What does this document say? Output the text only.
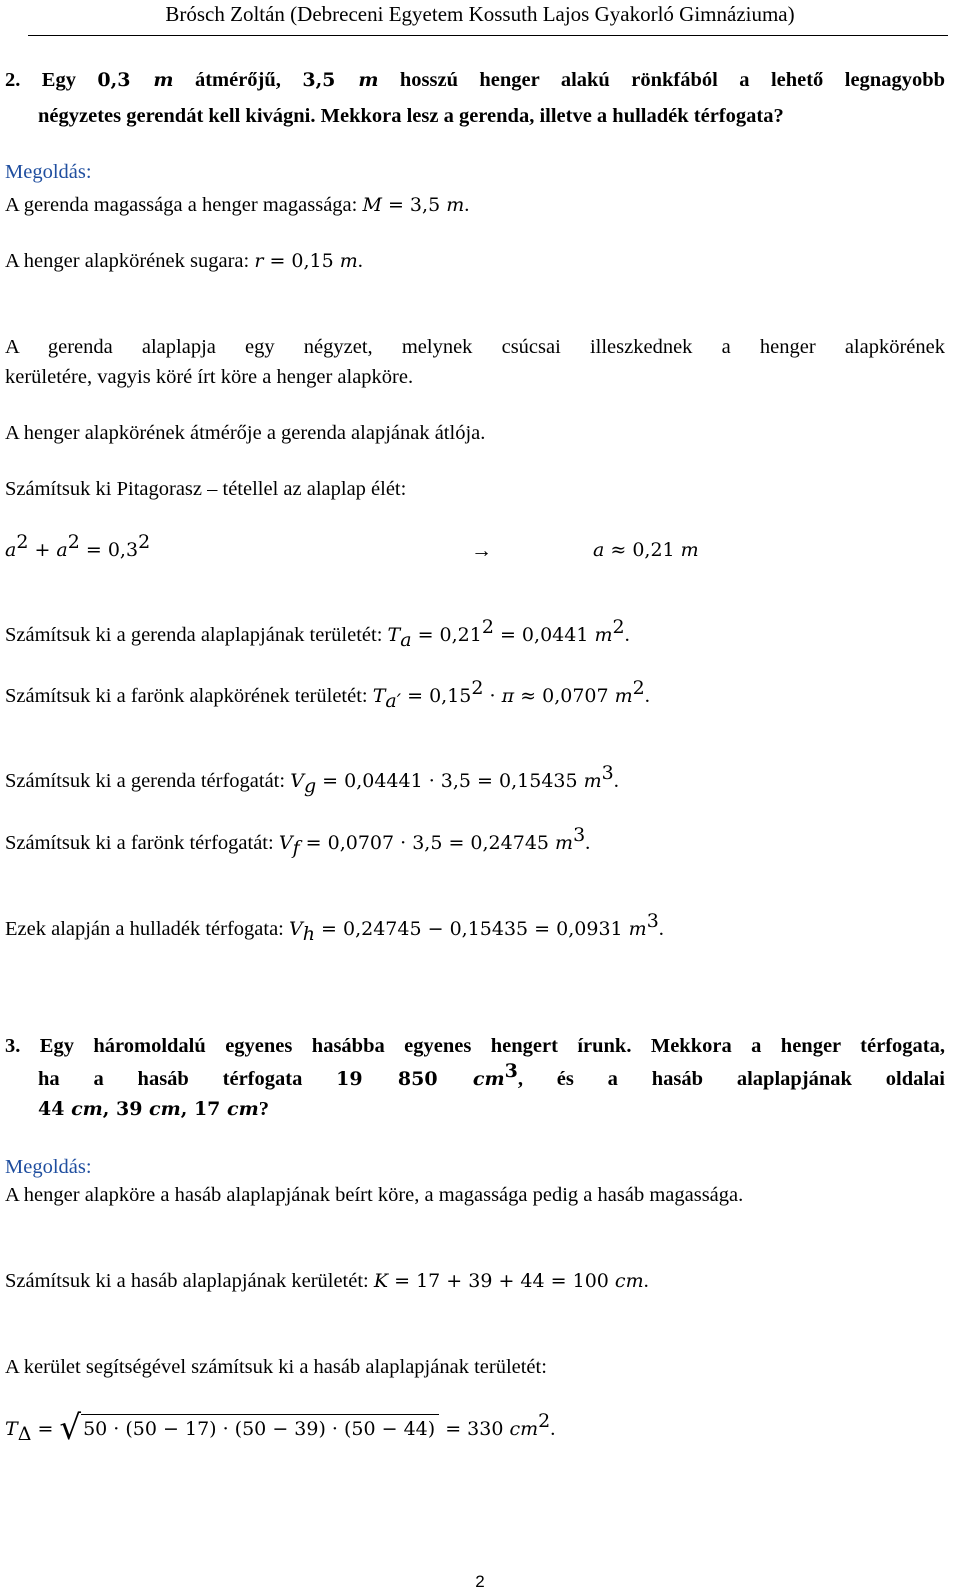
Brósch Zoltán (Debreceni Egyetem Kossuth Lajos Gyakorló Gimnáziuma)
2. Egy 0,3 m átmérőjű, 3,5 m hosszú henger alakú rönkfából a lehető legnagyobb
négyzetes gerendát kell kivágni. Mekkora lesz a gerenda, illetve a hulladék térfogata?
Megoldás:
A gerenda magassága a henger magassága: M = 3,5 m.
A henger alapkörének sugara: r = 0,15 m.
A gerenda alaplapja egy négyzet, melynek csúcsai illeszkednek a henger alapkörének
kerületére, vagyis köré írt köre a henger alapköre.
A henger alapkörének átmérője a gerenda alapjának átlója.
Számítsuk ki Pitagorasz – tétellel az alaplap élét:
$a^2 + a^2 = 0,3^2$	→	a ≈ 0,21 m
Számítsuk ki a gerenda alaplapjának területét: $T_a = 0,21^2 = 0,0441$ $m^2$.
Számítsuk ki a farönk alapkörének területét: $T_{a'} = 0,15^2 \cdot \pi \approx 0,0707$ $m^2$.
Számítsuk ki a gerenda térfogatát: $V_g = 0,04441 \cdot 3,5 = 0,15435$ $m^3$.
Számítsuk ki a farönk térfogatát: $V_f = 0,0707 \cdot 3,5 = 0,24745$ $m^3$.
Ezek alapján a hulladék térfogata: $V_h = 0,24745 - 0,15435 = 0,0931$ $m^3$.
3. Egy háromoldalú egyenes hasábba egyenes hengert írunk. Mekkora a henger térfogata,
ha a hasáb térfogata 19 850 $cm^3$, és a hasáb alaplapjának oldalai
44 cm, 39 cm, 17 cm?
Megoldás:
A henger alapköre a hasáb alaplapjának beírt köre, a magassága pedig a hasáb magassága.
Számítsuk ki a hasáb alaplapjának kerületét: K = 17 + 39 + 44 = 100 cm.
A kerület segítségével számítsuk ki a hasáb alaplapjának területét:
$T_\Delta$ = √ 50 · (50 − 17) · (50 − 39) · (50 − 44) = 330 $cm^2$.
2
